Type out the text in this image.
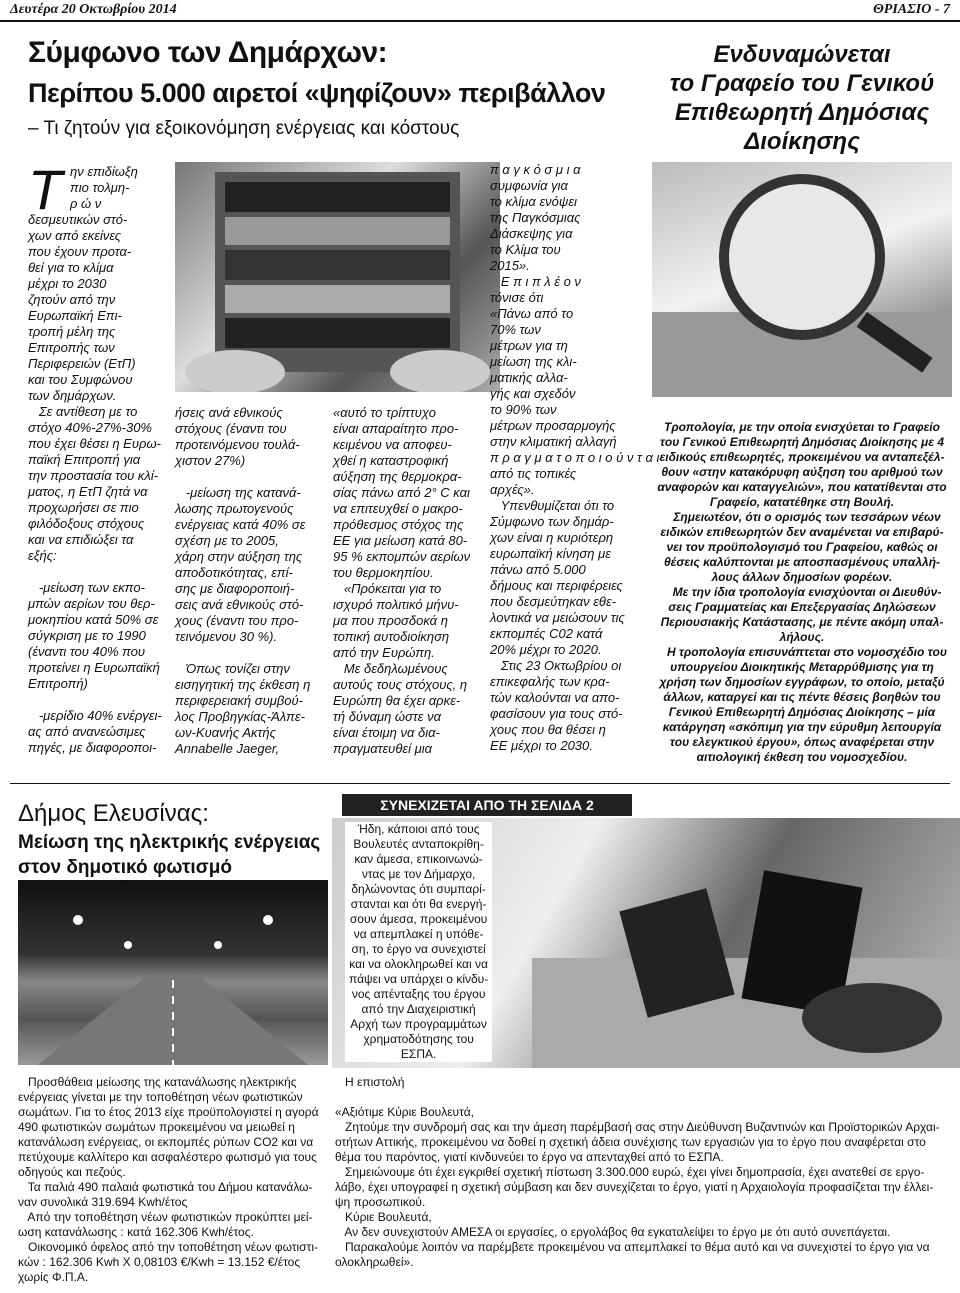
Δευτέρα 20 Οκτωβρίου 2014	ΘΡΙΑΣΙΟ - 7
Σύμφωνο των Δημάρχων:
Περίπου 5.000 αιρετοί «ψηφίζουν» περιβάλλον
– Τι ζητούν για εξοικονόμηση ενέργειας και κόστους
Τ ην επιδίωξη
πιο τολμη-
ρ ώ ν
δεσμευτικών στό-
χων από εκείνες
που έχουν προτα-
θεί για το κλίμα
μέχρι το 2030
ζητούν από την
Ευρωπαϊκή Επι-
τροπή μέλη της
Επιτροπής των
Περιφερειών (ΕτΠ)
και του Συμφώνου
των δημάρχων.
Σε αντίθεση με το
στόχο 40%-27%-30%
που έχει θέσει η Ευρω-
παϊκή Επιτροπή για
την προστασία του κλί-
ματος, η ΕτΠ ζητά να
προχωρήσει σε πιο
φιλόδοξους στόχους
και να επιδιώξει τα
εξής:

-μείωση των εκπο-
μπών αερίων του θερ-
μοκηπίου κατά 50% σε
σύγκριση με το 1990
(έναντι του 40% που
προτείνει η Ευρωπαϊκή
Επιτροπή)

-μερίδιο 40% ενέργει-
ας από ανανεώσιμες
πηγές, με διαφοροποι-
ήσεις ανά εθνικούς
στόχους (έναντι του
προτεινόμενου τουλά-
χιστον 27%)

-μείωση της κατανά-
λωσης πρωτογενούς
ενέργειας κατά 40% σε
σχέση με το 2005,
χάρη στην αύξηση της
αποδοτικότητας, επί-
σης με διαφοροποιή-
σεις ανά εθνικούς στό-
χους (έναντι του προ-
τεινόμενου 30 %).

Όπως τονίζει στην
εισηγητική της έκθεση η
περιφερειακή συμβού-
λος Προβηγκίας-Άλπε-
ων-Κυανής Ακτής
Annabelle Jaeger,
«αυτό το τρίπτυχο
είναι απαραίτητο προ-
κειμένου να αποφευ-
χθεί η καταστροφική
αύξηση της θερμοκρα-
σίας πάνω από 2° C και
να επιτευχθεί ο μακρο-
πρόθεσμος στόχος της
ΕΕ για μείωση κατά 80-
95 % εκπομπών αερίων
του θερμοκηπίου.
«Πρόκειται για το
ισχυρό πολιτικό μήνυ-
μα που προσδοκά η
τοπική αυτοδιοίκηση
από την Ευρώπη.
Με δεδηλωμένους
αυτούς τους στόχους, η
Ευρώπη θα έχει αρκε-
τή δύναμη ώστε να
είναι έτοιμη να δια-
πραγματευθεί μια
π α γ κ ό σ μ ι α
συμφωνία για
το κλίμα ενόψει
της Παγκόσμιας
Διάσκεψης για
το Κλίμα του
2015».
Ε π ι π λ έ ο ν
τόνισε ότι
«Πάνω από το
70% των
μέτρων για τη
μείωση της κλι-
ματικής αλλα-
γής και σχεδόν
το 90% των
μέτρων προσαρμογής
στην κλιματική αλλαγή
π ρ α γ μ α τ ο π ο ι ο ύ ν τ α ι
από τις τοπικές
αρχές».
Υπενθυμίζεται ότι το
Σύμφωνο των δημάρ-
χων είναι η κυριότερη
ευρωπαϊκή κίνηση με
πάνω από 5.000
δήμους και περιφέρειες
που δεσμεύτηκαν εθε-
λοντικά να μειώσουν τις
εκπομπές C02 κατά
20% μέχρι το 2020.
Στις 23 Οκτωβρίου οι
επικεφαλής των κρα-
τών καλούνται να απο-
φασίσουν για τους στό-
χους που θα θέσει η
ΕΕ μέχρι το 2030.
Ενδυναμώνεται
το Γραφείο του Γενικού
Επιθεωρητή Δημόσιας
Διοίκησης
Τροπολογία, με την οποία ενισχύεται το Γραφείο
του Γενικού Επιθεωρητή Δημόσιας Διοίκησης με 4
ειδικούς επιθεωρητές, προκειμένου να ανταπεξέλ-
θουν «στην κατακόρυφη αύξηση του αριθμού των
αναφορών και καταγγελιών», που κατατίθενται στο
Γραφείο, κατατέθηκε στη Βουλή.
Σημειωτέον, ότι ο ορισμός των τεσσάρων νέων
ειδικών επιθεωρητών δεν αναμένεται να επιβαρύ-
νει τον προϋπολογισμό του Γραφείου, καθώς οι
θέσεις καλύπτονται με αποσπασμένους υπαλλή-
λους άλλων δημοσίων φορέων.
Με την ίδια τροπολογία ενισχύονται οι Διευθύν-
σεις Γραμματείας και Επεξεργασίας Δηλώσεων
Περιουσιακής Κατάστασης, με πέντε ακόμη υπαλ-
λήλους.
Η τροπολογία επισυνάπτεται στο νομοσχέδιο του
υπουργείου Διοικητικής Μεταρρύθμισης για τη
χρήση των δημοσίων εγγράφων, το οποίο, μεταξύ
άλλων, καταργεί και τις πέντε θέσεις βοηθών του
Γενικού Επιθεωρητή Δημόσιας Διοίκησης – μία
κατάργηση «σκόπιμη για την εύρυθμη λειτουργία
του ελεγκτικού έργου», όπως αναφέρεται στην
αιτιολογική έκθεση του νομοσχεδίου.
Δήμος Ελευσίνας:
Μείωση της ηλεκτρικής ενέργειας
στον δημοτικό φωτισμό
Προσθάθεια μείωσης της κατανάλωσης ηλεκτρικής
ενέργειας γίνεται με την τοποθέτηση νέων φωτιστικών
σωμάτων. Για το έτος 2013 είχε προϋπολογιστεί η αγορά
490 φωτιστικών σωμάτων προκειμένου να μειωθεί η
κατανάλωση ενέργειας, οι εκπομπές ρύπων CO2 και να
πετύχουμε καλλίτερο και ασφαλέστερο φωτισμό για τους
οδηγούς και πεζούς.
Τα παλιά 490 παλαιά φωτιστικά του Δήμου κατανάλω-
ναν συνολικά 319.694 Kwh/έτος
Από την τοποθέτηση νέων φωτιστικών προκύπτει μεί-
ωση κατανάλωσης : κατά 162.306 Kwh/έτος.
Οικονομικό όφελος από την τοποθέτηση νέων φωτιστι-
κών : 162.306 Kwh X 0,08103 €/Kwh = 13.152 €/έτος
χωρίς Φ.Π.Α.
ΣΥΝΕΧΙΖΕΤΑΙ ΑΠΟ ΤΗ ΣΕΛΙΔΑ 2
Ήδη, κάποιοι από τους
Βουλευτές ανταποκρίθη-
καν άμεσα, επικοινωνώ-
ντας με τον Δήμαρχο,
δηλώνοντας ότι συμπαρί-
στανται και ότι θα ενεργή-
σουν άμεσα, προκειμένου
να απεμπλακεί η υπόθε-
ση, το έργο να συνεχιστεί
και να ολοκληρωθεί και να
πάψει να υπάρχει ο κίνδυ-
νος απένταξης του έργου
από την Διαχειριστική
Αρχή των προγραμμάτων
χρηματοδότησης του
ΕΣΠΑ.
Η επιστολή
«Αξιότιμε Κύριε Βουλευτά,
Ζητούμε την συνδρομή σας και την άμεση παρέμβασή σας στην Διεύθυνση Βυζαντινών και Προϊστορικών Αρχαι-
οτήτων Αττικής, προκειμένου να δοθεί η σχετική άδεια συνέχισης των εργασιών για το έργο που αναφέρεται στο
θέμα του παρόντος, γιατί κινδυνεύει το έργο να απενταχθεί από το ΕΣΠΑ.
Σημειώνουμε ότι έχει εγκριθεί σχετική πίστωση 3.300.000 ευρώ, έχει γίνει δημοπρασία, έχει ανατεθεί σε εργο-
λάβο, έχει υπογραφεί η σχετική σύμβαση και δεν συνεχίζεται το έργο, γιατί η Αρχαιολογία προφασίζεται την έλλει-
ψη προσωπικού.
Κύριε Βουλευτά,
Αν δεν συνεχιστούν ΑΜΕΣΑ οι εργασίες, ο εργολάβος θα εγκαταλείψει το έργο με ότι αυτό συνεπάγεται.
Παρακαλούμε λοιπόν να παρέμβετε προκειμένου να απεμπλακεί το θέμα αυτό και να συνεχιστεί το έργο για να
ολοκληρωθεί».
